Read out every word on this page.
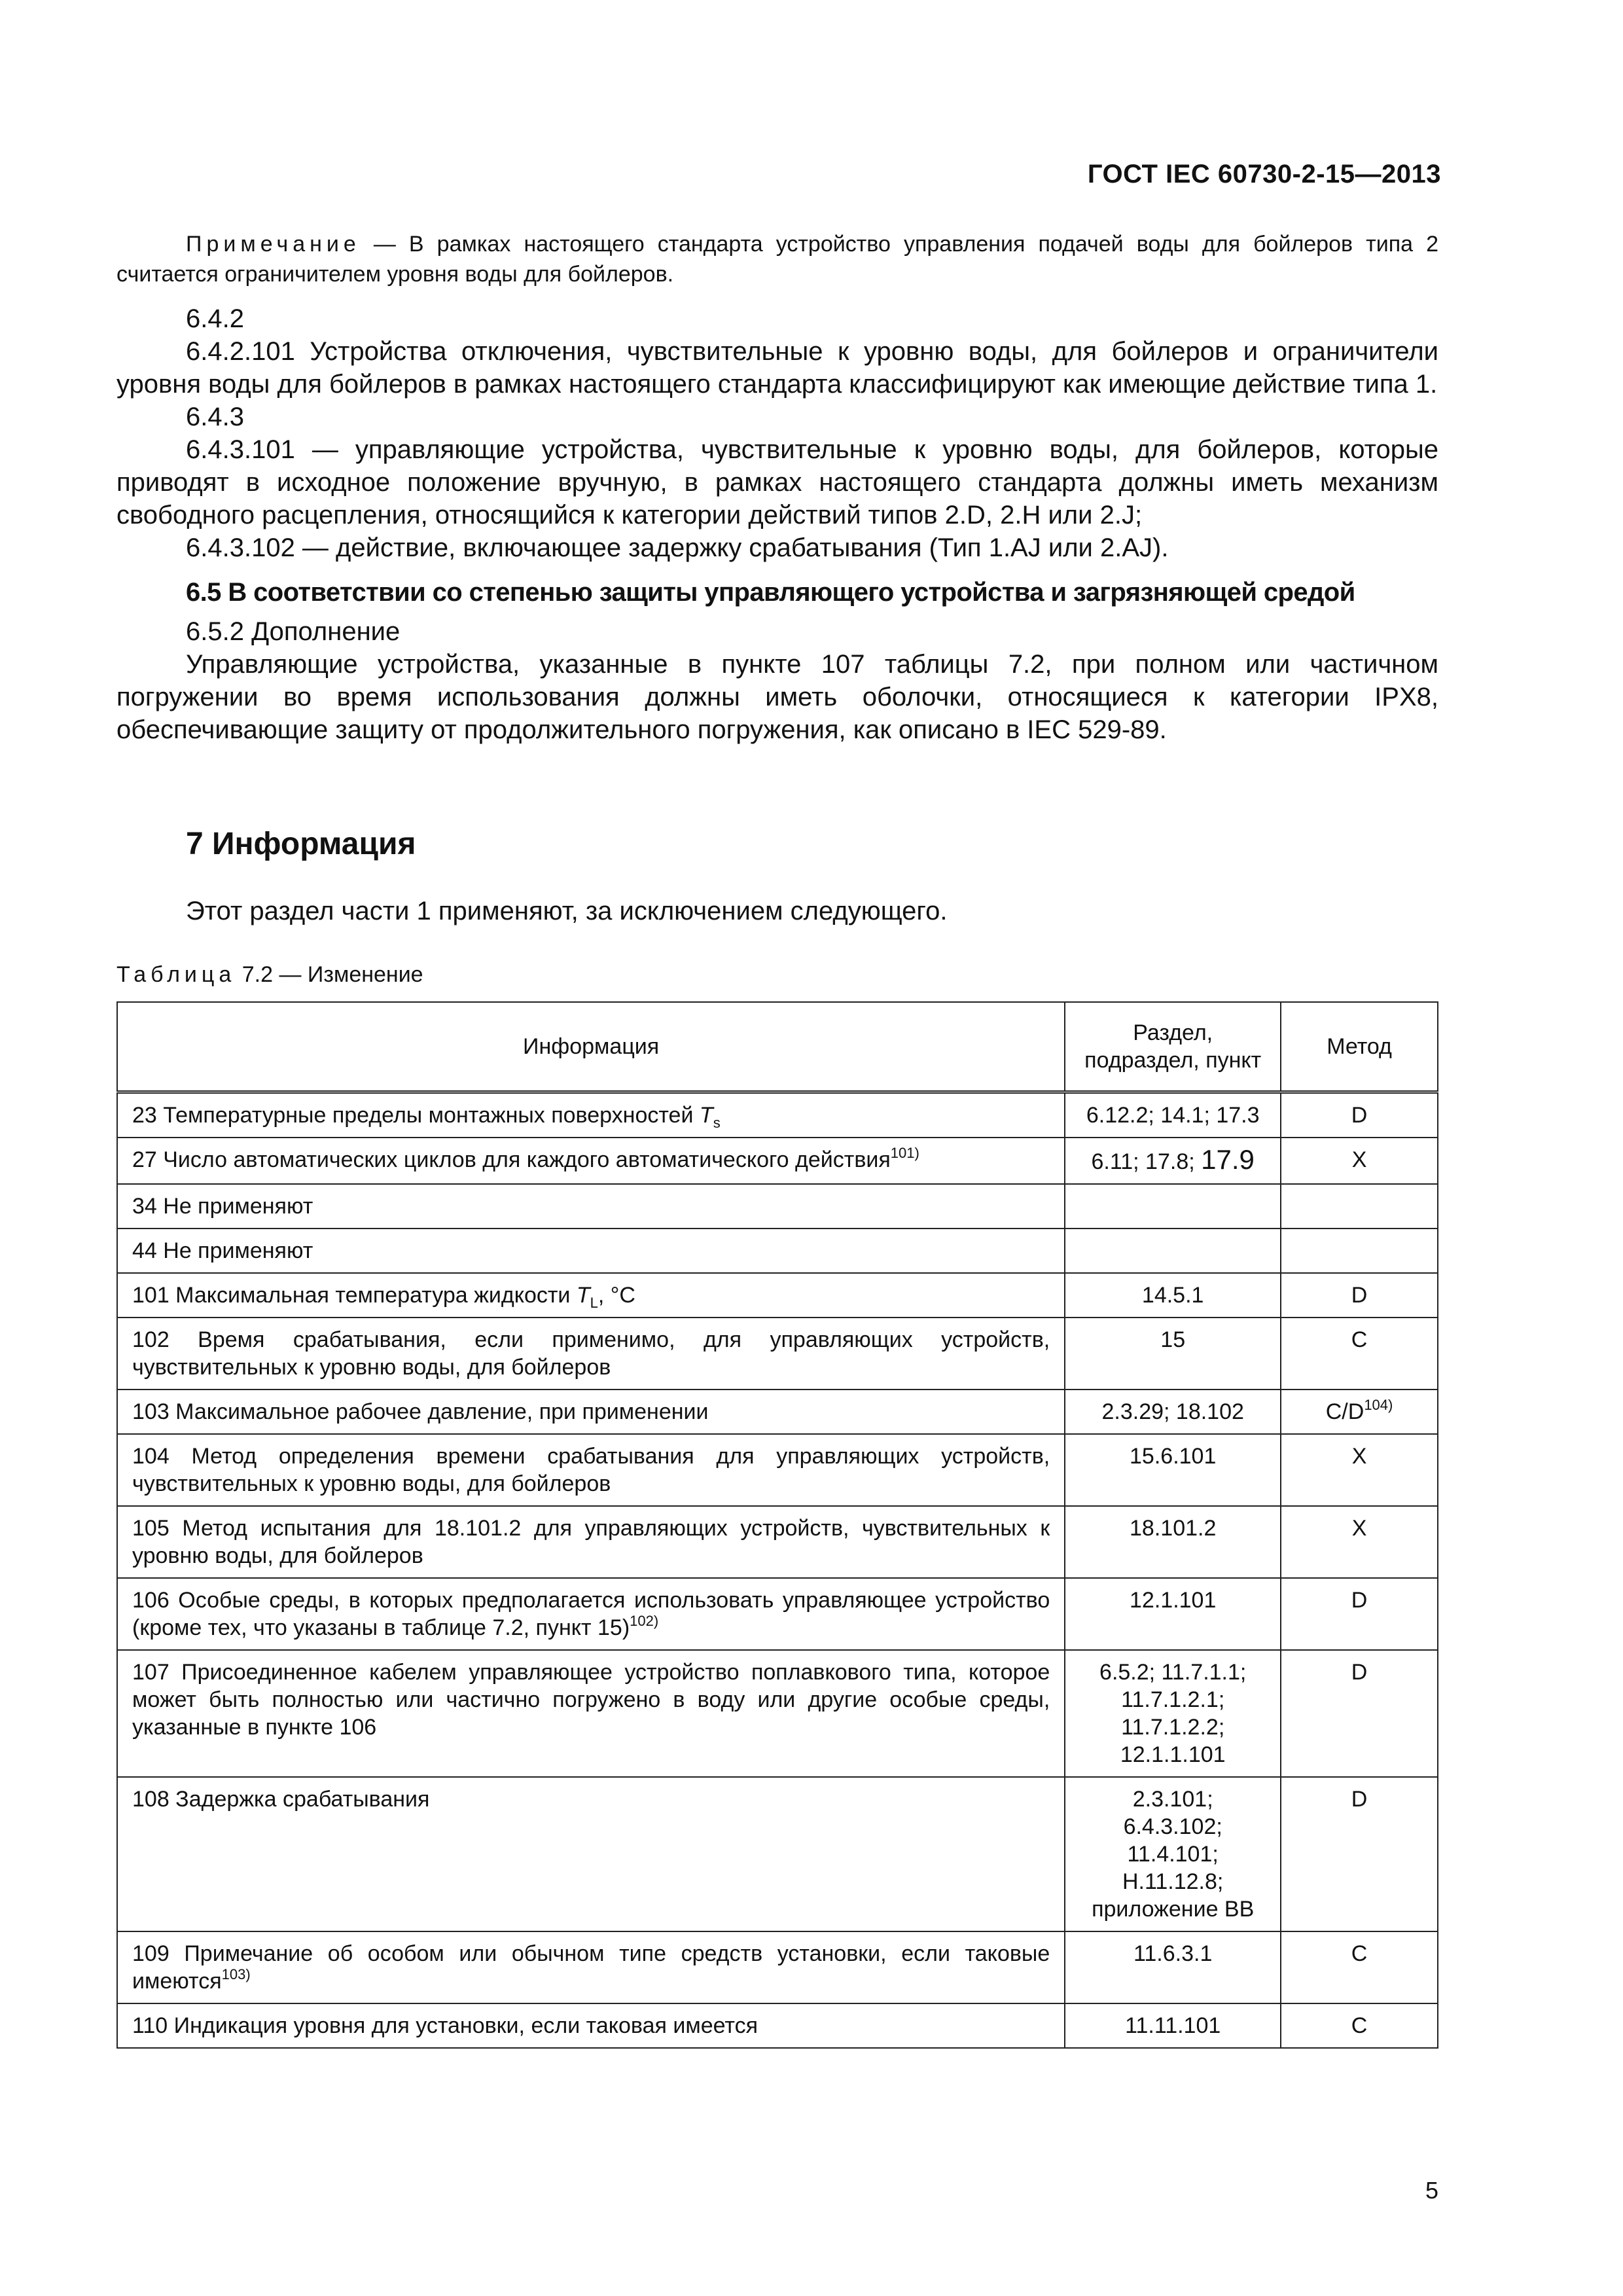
ГОСТ IEC 60730-2-15—2013
Примечание — В рамках настоящего стандарта устройство управления подачей воды для бойлеров типа 2 считается ограничителем уровня воды для бойлеров.

6.4.2

6.4.2.101 Устройства отключения, чувствительные к уровню воды, для бойлеров и ограничители уровня воды для бойлеров в рамках настоящего стандарта классифицируют как имеющие действие типа 1.

6.4.3

6.4.3.101 — управляющие устройства, чувствительные к уровню воды, для бойлеров, которые приводят в исходное положение вручную, в рамках настоящего стандарта должны иметь механизм свободного расцепления, относящийся к категории действий типов 2.D, 2.H или 2.J;

6.4.3.102 — действие, включающее задержку срабатывания (Тип 1.AJ или 2.AJ).

6.5 В соответствии со степенью защиты управляющего устройства и загрязняющей средой

6.5.2 Дополнение

Управляющие устройства, указанные в пункте 107 таблицы 7.2, при полном или частичном погружении во время использования должны иметь оболочки, относящиеся к категории IPX8, обеспечивающие защиту от продолжительного погружения, как описано в IEC 529-89.

7 Информация

Этот раздел части 1 применяют, за исключением следующего.

Таблица 7.2 — Изменение
Информация	Раздел, подраздел, пункт	Метод
23 Температурные пределы монтажных поверхностей $T_s$	6.12.2; 14.1; 17.3	D
27 Число автоматических циклов для каждого автоматического действия$^{101)}$	6.11; 17.8; 17.9	X
34 Не применяют		
44 Не применяют		
101 Максимальная температура жидкости $T_L$, °С	14.5.1	D
102 Время срабатывания, если применимо, для управляющих устройств, чувствительных к уровню воды, для бойлеров	15	С
103 Максимальное рабочее давление, при применении	2.3.29; 18.102	$C/D^{104)}$
104 Метод определения времени срабатывания для управляющих устройств, чувствительных к уровню воды, для бойлеров	15.6.101	X
105 Метод испытания для 18.101.2 для управляющих устройств, чувствительных к уровню воды, для бойлеров	18.101.2	X
106 Особые среды, в которых предполагается использовать управляющее устройство (кроме тех, что указаны в таблице 7.2, пункт 15)$^{102)}$	12.1.101	D
107 Присоединенное кабелем управляющее устройство поплавкового типа, которое может быть полностью или частично погружено в воду или другие особые среды, указанные в пункте 106	6.5.2; 11.7.1.1;
11.7.1.2.1;
11.7.1.2.2;
12.1.1.101	D
108 Задержка срабатывания	2.3.101;
6.4.3.102;
11.4.101;
H.11.12.8;
приложение ВВ	D
109 Примечание об особом или обычном типе средств установки, если таковые имеются$^{103)}$	11.6.3.1	С
110 Индикация уровня для установки, если таковая имеется	11.11.101	С
5
